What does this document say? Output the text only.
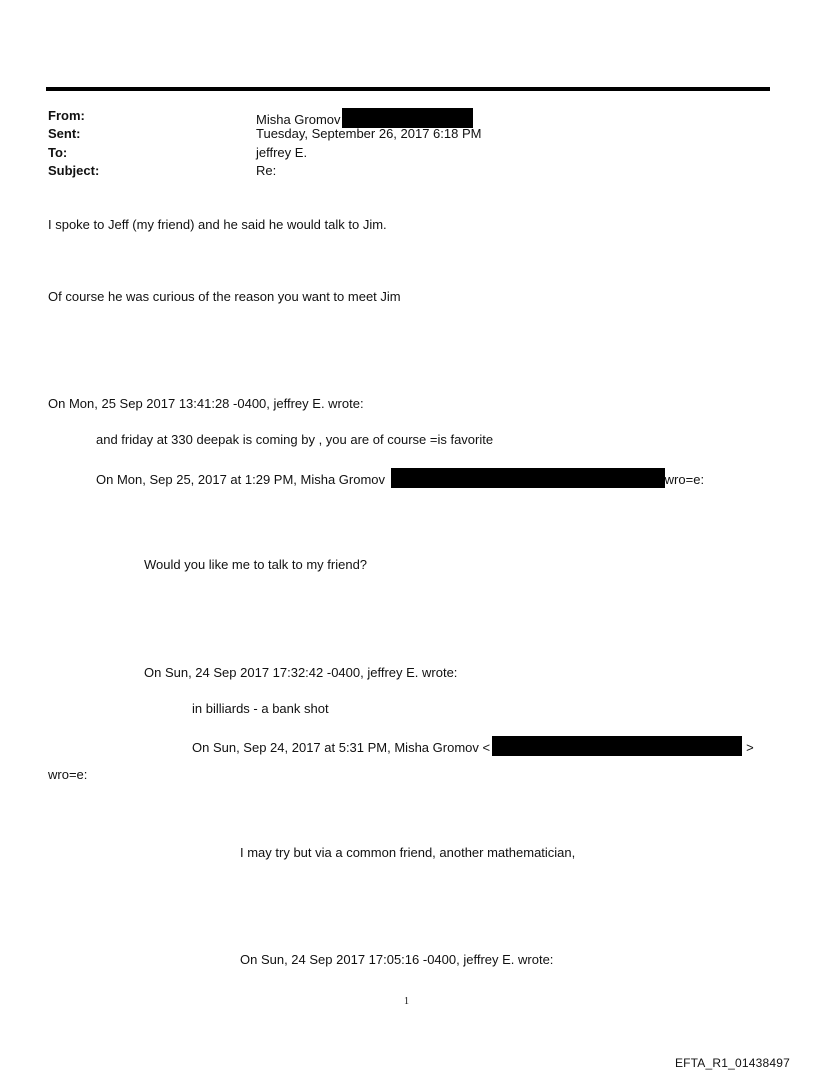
From:	Misha Gromov
Sent:	Tuesday, September 26, 2017 6:18 PM
To:	jeffrey E.
Subject:	Re:
I spoke to Jeff (my friend) and he said he would talk to Jim.
Of course he was curious of the reason you want to meet Jim
On Mon, 25 Sep 2017 13:41:28 -0400, jeffrey E. wrote:
and friday at 330 deepak is coming by , you are of course =is favorite
On Mon, Sep 25, 2017 at 1:29 PM, Misha Gromov	wro=e:
Would you like me to talk to my friend?
On Sun, 24 Sep 2017 17:32:42 -0400, jeffrey E. wrote:
in billiards - a bank shot
On Sun, Sep 24, 2017 at 5:31 PM, Misha Gromov <	>
wro=e:
I may try but via a common friend, another mathematician,
On Sun, 24 Sep 2017 17:05:16 -0400, jeffrey E. wrote:
1
EFTA_R1_01438497
